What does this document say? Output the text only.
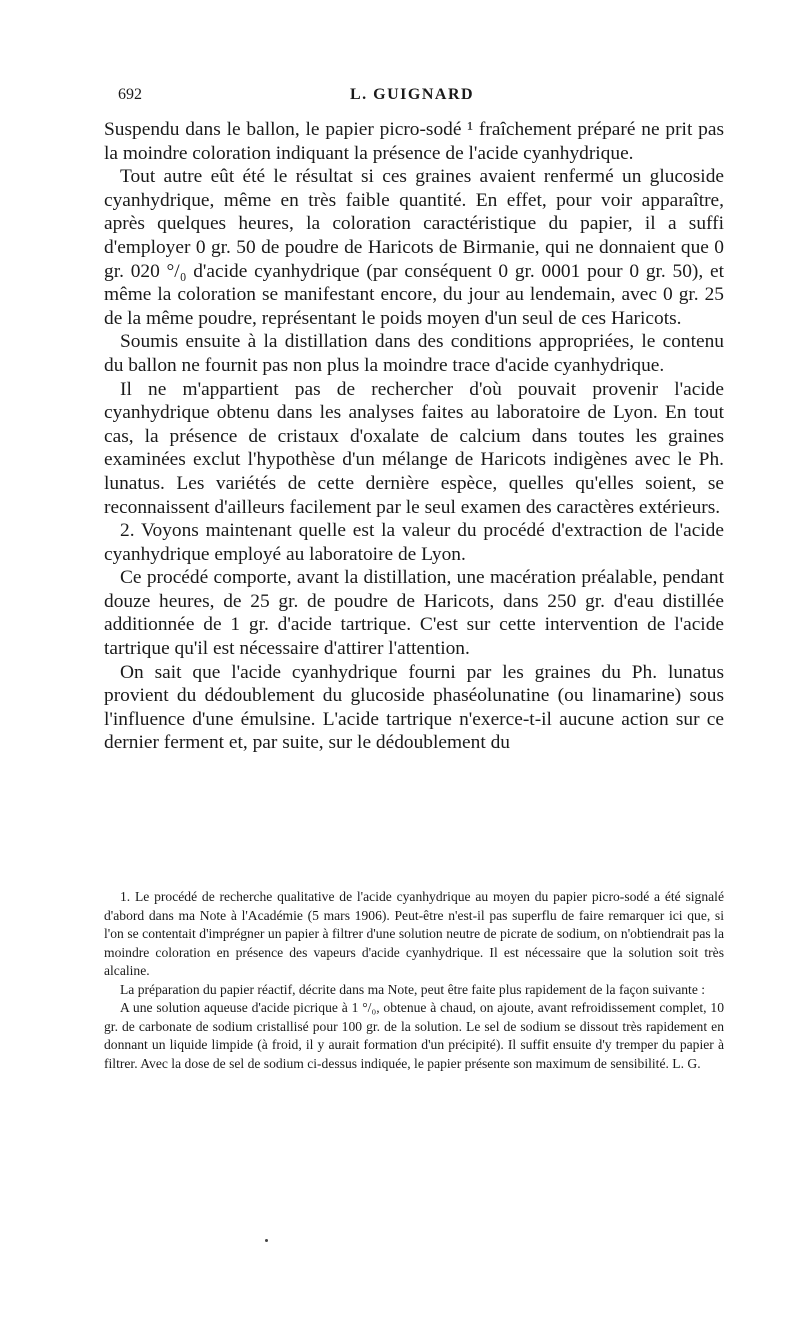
692	L. GUIGNARD

Suspendu dans le ballon, le papier picro-sodé ¹ fraîchement préparé ne prit pas la moindre coloration indiquant la présence de l'acide cyanhydrique.

Tout autre eût été le résultat si ces graines avaient renfermé un glucoside cyanhydrique, même en très faible quantité. En effet, pour voir apparaître, après quelques heures, la coloration caractéristique du papier, il a suffi d'employer 0 gr. 50 de poudre de Haricots de Birmanie, qui ne donnaient que 0 gr. 020 °/₀ d'acide cyanhydrique (par conséquent 0 gr. 0001 pour 0 gr. 50), et même la coloration se manifestant encore, du jour au lendemain, avec 0 gr. 25 de la même poudre, représentant le poids moyen d'un seul de ces Haricots.

Soumis ensuite à la distillation dans des conditions appropriées, le contenu du ballon ne fournit pas non plus la moindre trace d'acide cyanhydrique.

Il ne m'appartient pas de rechercher d'où pouvait provenir l'acide cyanhydrique obtenu dans les analyses faites au laboratoire de Lyon. En tout cas, la présence de cristaux d'oxalate de calcium dans toutes les graines examinées exclut l'hypothèse d'un mélange de Haricots indigènes avec le Ph. lunatus. Les variétés de cette dernière espèce, quelles qu'elles soient, se reconnaissent d'ailleurs facilement par le seul examen des caractères extérieurs.

2. Voyons maintenant quelle est la valeur du procédé d'extraction de l'acide cyanhydrique employé au laboratoire de Lyon.

Ce procédé comporte, avant la distillation, une macération préalable, pendant douze heures, de 25 gr. de poudre de Haricots, dans 250 gr. d'eau distillée additionnée de 1 gr. d'acide tartrique. C'est sur cette intervention de l'acide tartrique qu'il est nécessaire d'attirer l'attention.

On sait que l'acide cyanhydrique fourni par les graines du Ph. lunatus provient du dédoublement du glucoside phaséolunatine (ou linamarine) sous l'influence d'une émulsine. L'acide tartrique n'exerce-t-il aucune action sur ce dernier ferment et, par suite, sur le dédoublement du

1. Le procédé de recherche qualitative de l'acide cyanhydrique au moyen du papier picro-sodé a été signalé d'abord dans ma Note à l'Académie (5 mars 1906). Peut-être n'est-il pas superflu de faire remarquer ici que, si l'on se contentait d'imprégner un papier à filtrer d'une solution neutre de picrate de sodium, on n'obtiendrait pas la moindre coloration en présence des vapeurs d'acide cyanhydrique. Il est nécessaire que la solution soit très alcaline.

La préparation du papier réactif, décrite dans ma Note, peut être faite plus rapidement de la façon suivante :

A une solution aqueuse d'acide picrique à 1 °/₀, obtenue à chaud, on ajoute, avant refroidissement complet, 10 gr. de carbonate de sodium cristallisé pour 100 gr. de la solution. Le sel de sodium se dissout très rapidement en donnant un liquide limpide (à froid, il y aurait formation d'un précipité). Il suffit ensuite d'y tremper du papier à filtrer. Avec la dose de sel de sodium ci-dessus indiquée, le papier présente son maximum de sensibilité. L. G.
